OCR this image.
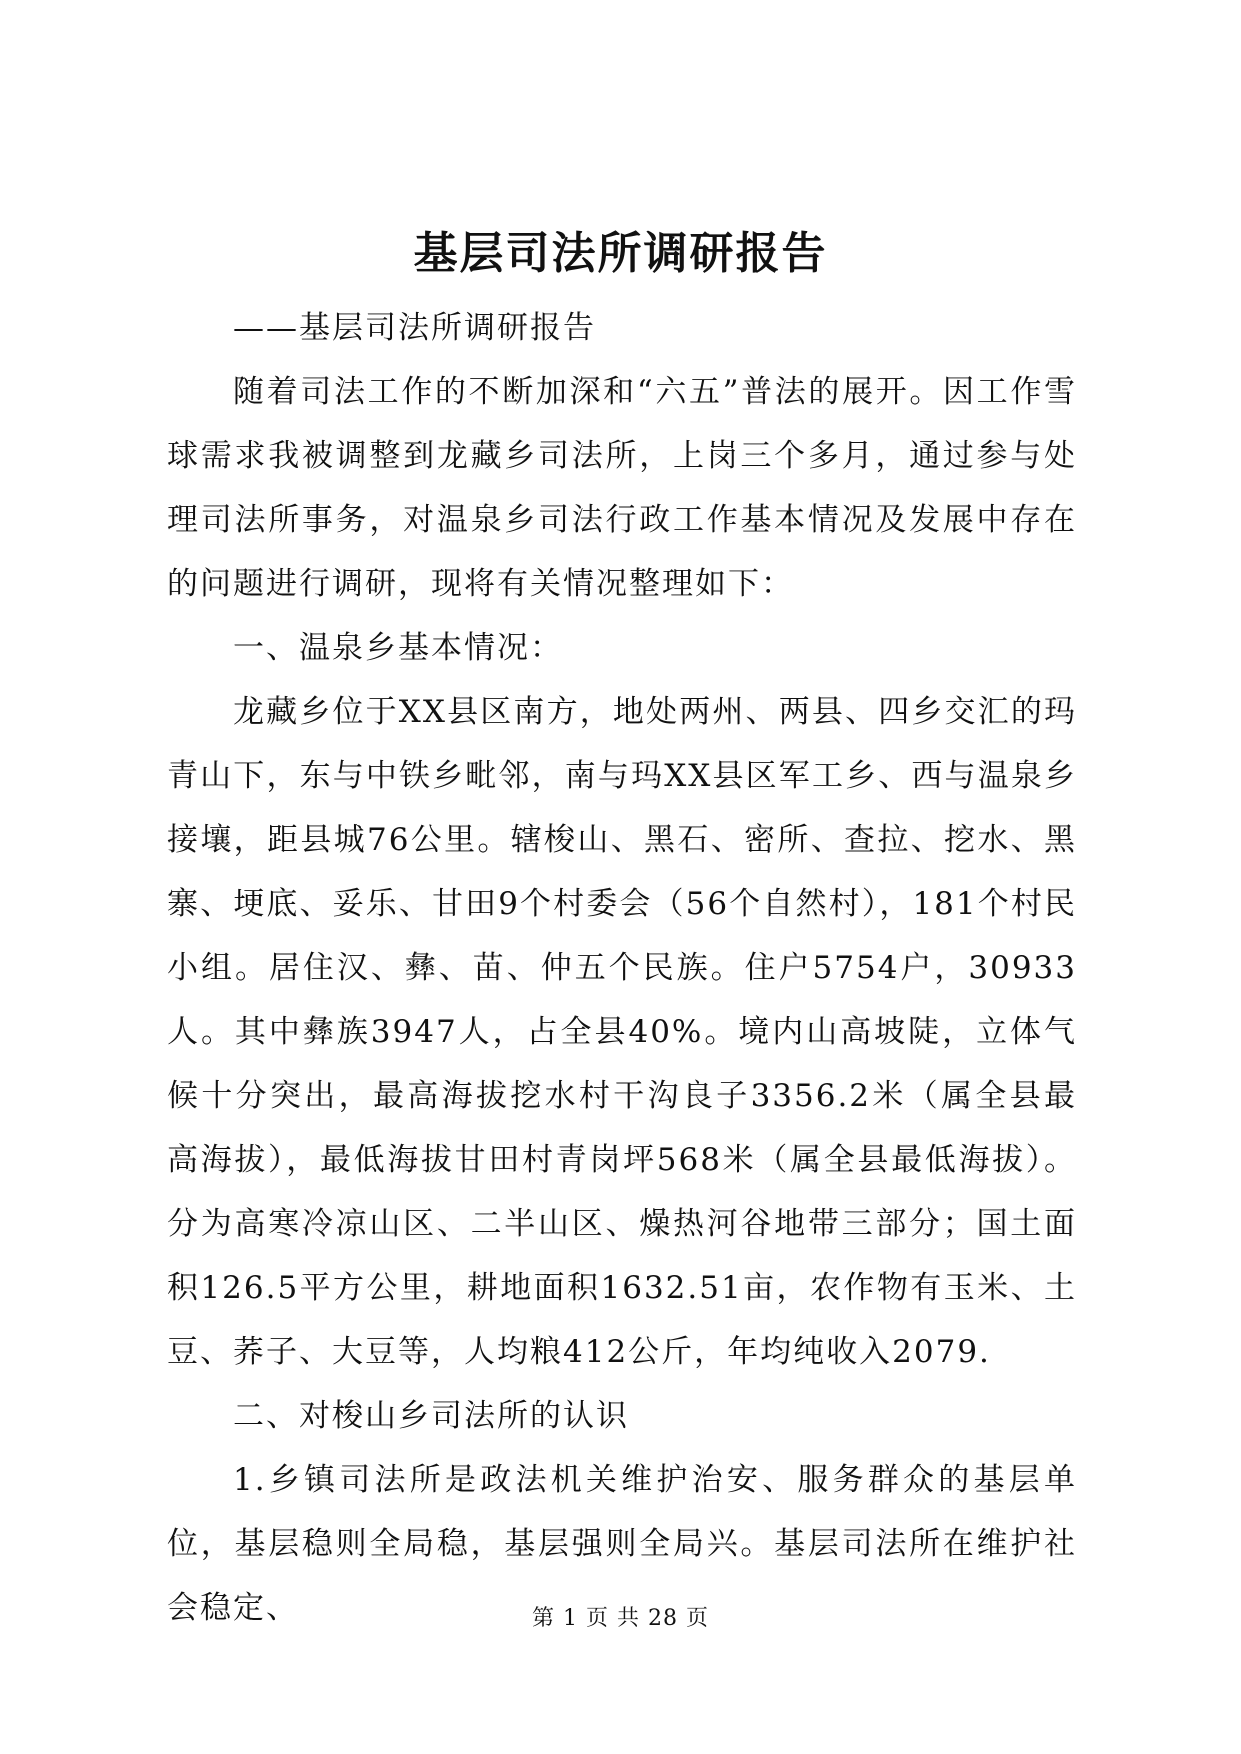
基层司法所调研报告

——基层司法所调研报告

随着司法工作的不断加深和“六五”普法的展开。因工作雪球需求我被调整到龙藏乡司法所，上岗三个多月，通过参与处理司法所事务，对温泉乡司法行政工作基本情况及发展中存在的问题进行调研，现将有关情况整理如下：

一、温泉乡基本情况：

龙藏乡位于XX县区南方，地处两州、两县、四乡交汇的玛青山下，东与中铁乡毗邻，南与玛XX县区军工乡、西与温泉乡接壤，距县城76公里。辖梭山、黑石、密所、查拉、挖水、黑寨、埂底、妥乐、甘田9个村委会（56个自然村），181个村民小组。居住汉、彝、苗、仲五个民族。住户5754户，30933人。其中彝族3947人，占全县40%。境内山高坡陡，立体气候十分突出，最高海拔挖水村干沟良子3356.2米（属全县最高海拔），最低海拔甘田村青岗坪568米（属全县最低海拔）。分为高寒冷凉山区、二半山区、燥热河谷地带三部分；国土面积126.5平方公里，耕地面积1632.51亩，农作物有玉米、土豆、荞子、大豆等，人均粮412公斤，年均纯收入2079.

二、对梭山乡司法所的认识

1.乡镇司法所是政法机关维护治安、服务群众的基层单位，基层稳则全局稳，基层强则全局兴。基层司法所在维护社会稳定、	第 1 页 共 28 页
